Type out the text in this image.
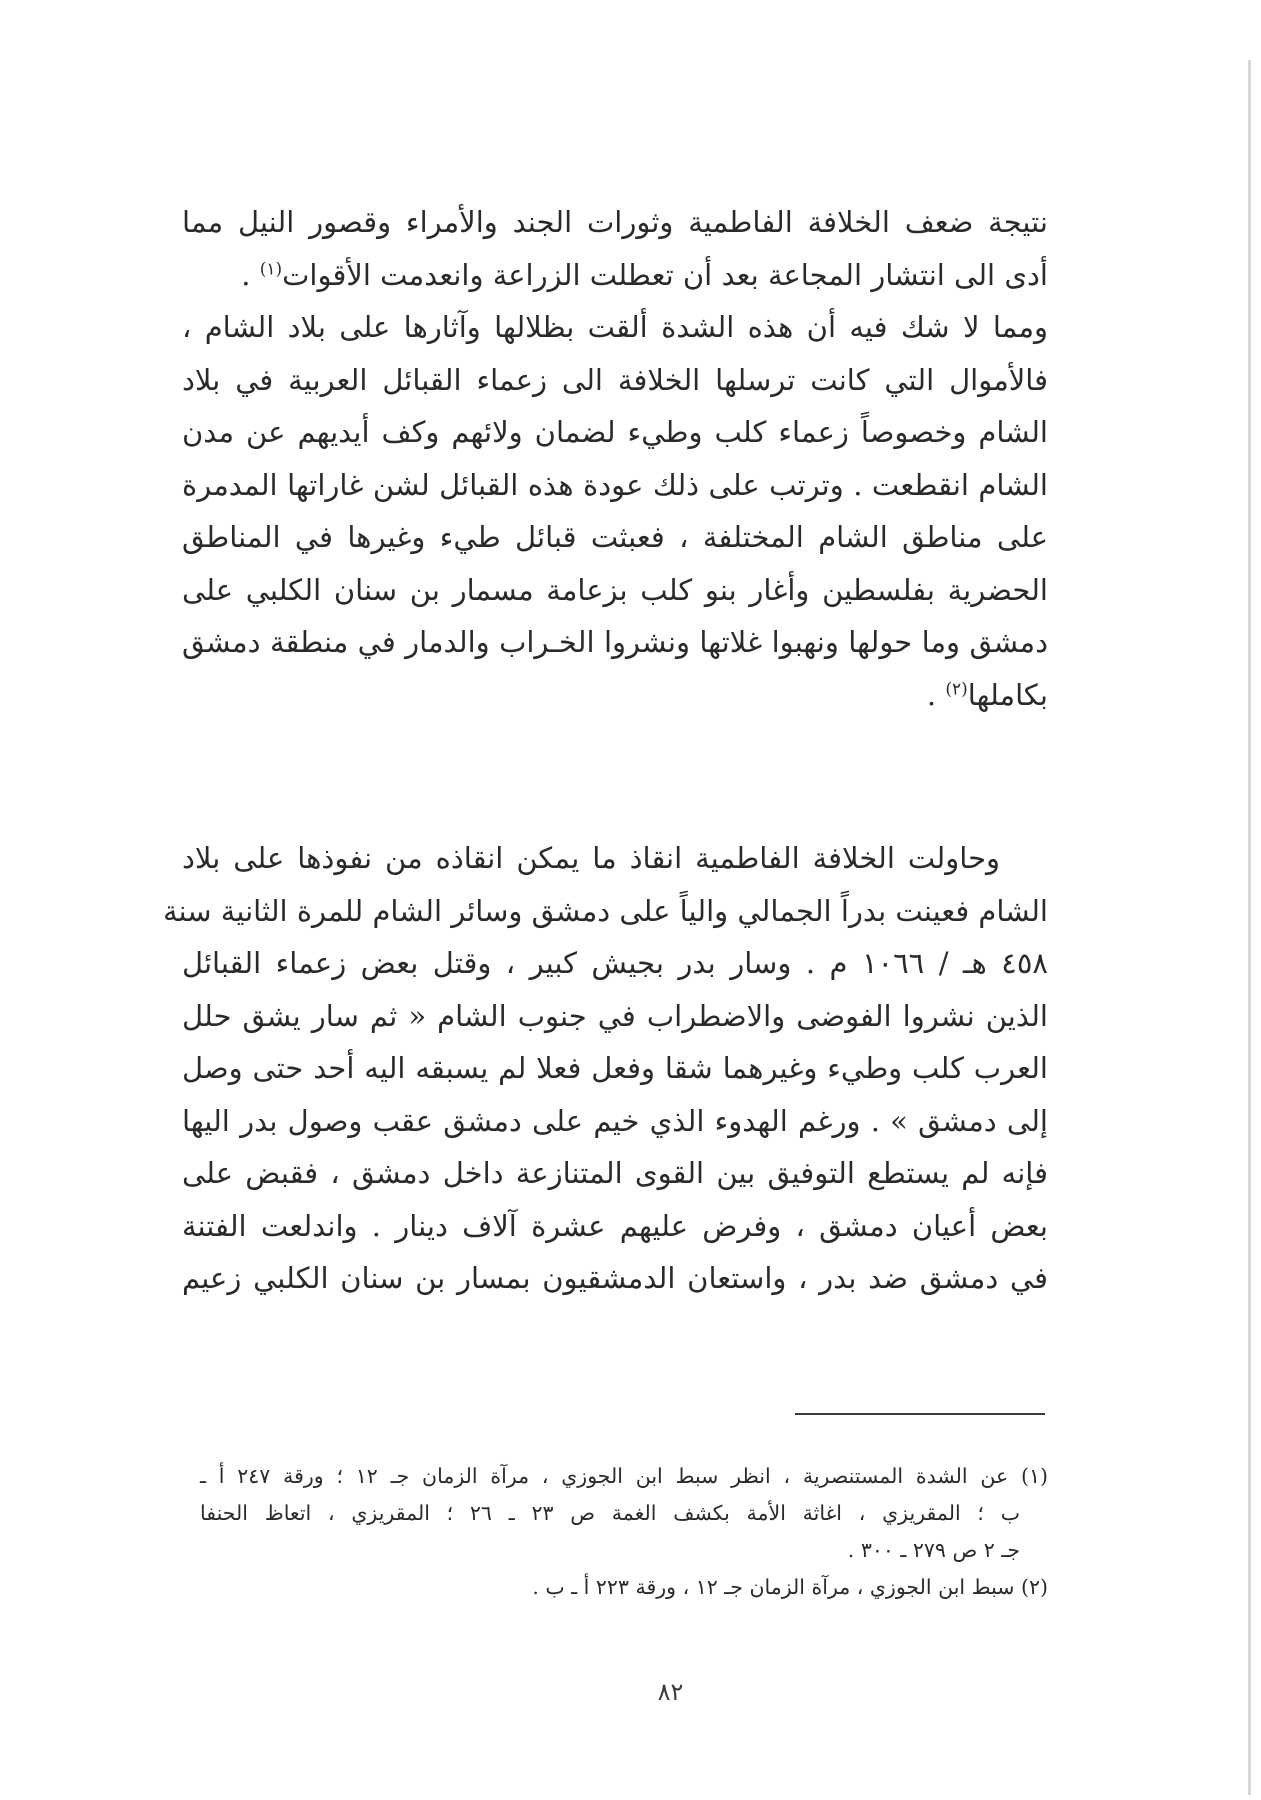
نتيجة ضعف الخلافة الفاطمية وثورات الجند والأمراء وقصور النيل مما
أدى الى انتشار المجاعة بعد أن تعطلت الزراعة وانعدمت الأقوات$^{(١)}$ .
ومما لا شك فيه أن هذه الشدة ألقت بظلالها وآثارها على بلاد الشام ،
فالأموال التي كانت ترسلها الخلافة الى زعماء القبائل العربية في بلاد
الشام وخصوصاً زعماء كلب وطيء لضمان ولائهم وكف أيديهم عن مدن
الشام انقطعت . وترتب على ذلك عودة هذه القبائل لشن غاراتها المدمرة
على مناطق الشام المختلفة ، فعبثت قبائل طيء وغيرها في المناطق
الحضرية بفلسطين وأغار بنو كلب بزعامة مسمار بن سنان الكلبي على
دمشق وما حولها ونهبوا غلاتها ونشروا الخـراب والدمار في منطقة دمشق
بكاملها$^{(٢)}$ .
وحاولت الخلافة الفاطمية انقاذ ما يمكن انقاذه من نفوذها على بلاد
الشام فعينت بدراً الجمالي والياً على دمشق وسائر الشام للمرة الثانية سنة
٤٥٨ هـ / ١٠٦٦ م . وسار بدر بجيش كبير ، وقتل بعض زعماء القبائل
الذين نشروا الفوضى والاضطراب في جنوب الشام « ثم سار يشق حلل
العرب كلب وطيء وغيرهما شقا وفعل فعلا لم يسبقه اليه أحد حتى وصل
إلى دمشق » . ورغم الهدوء الذي خيم على دمشق عقب وصول بدر اليها
فإنه لم يستطع التوفيق بين القوى المتنازعة داخل دمشق ، فقبض على
بعض أعيان دمشق ، وفرض عليهم عشرة آلاف دينار . واندلعت الفتنة
في دمشق ضد بدر ، واستعان الدمشقيون بمسار بن سنان الكلبي زعيم
(١) عن الشدة المستنصرية ، انظر سبط ابن الجوزي ، مرآة الزمان جـ ١٢ ؛ ورقة ٢٤٧ أ ـ
ب ؛ المقريزي ، اغاثة الأمة بكشف الغمة ص ٢٣ ـ ٢٦ ؛ المقريزي ، اتعاظ الحنفا
جـ ٢ ص ٢٧٩ ـ ٣٠٠ .
(٢) سبط ابن الجوزي ، مرآة الزمان جـ ١٢ ، ورقة ٢٢٣ أ ـ ب .
٨٢
